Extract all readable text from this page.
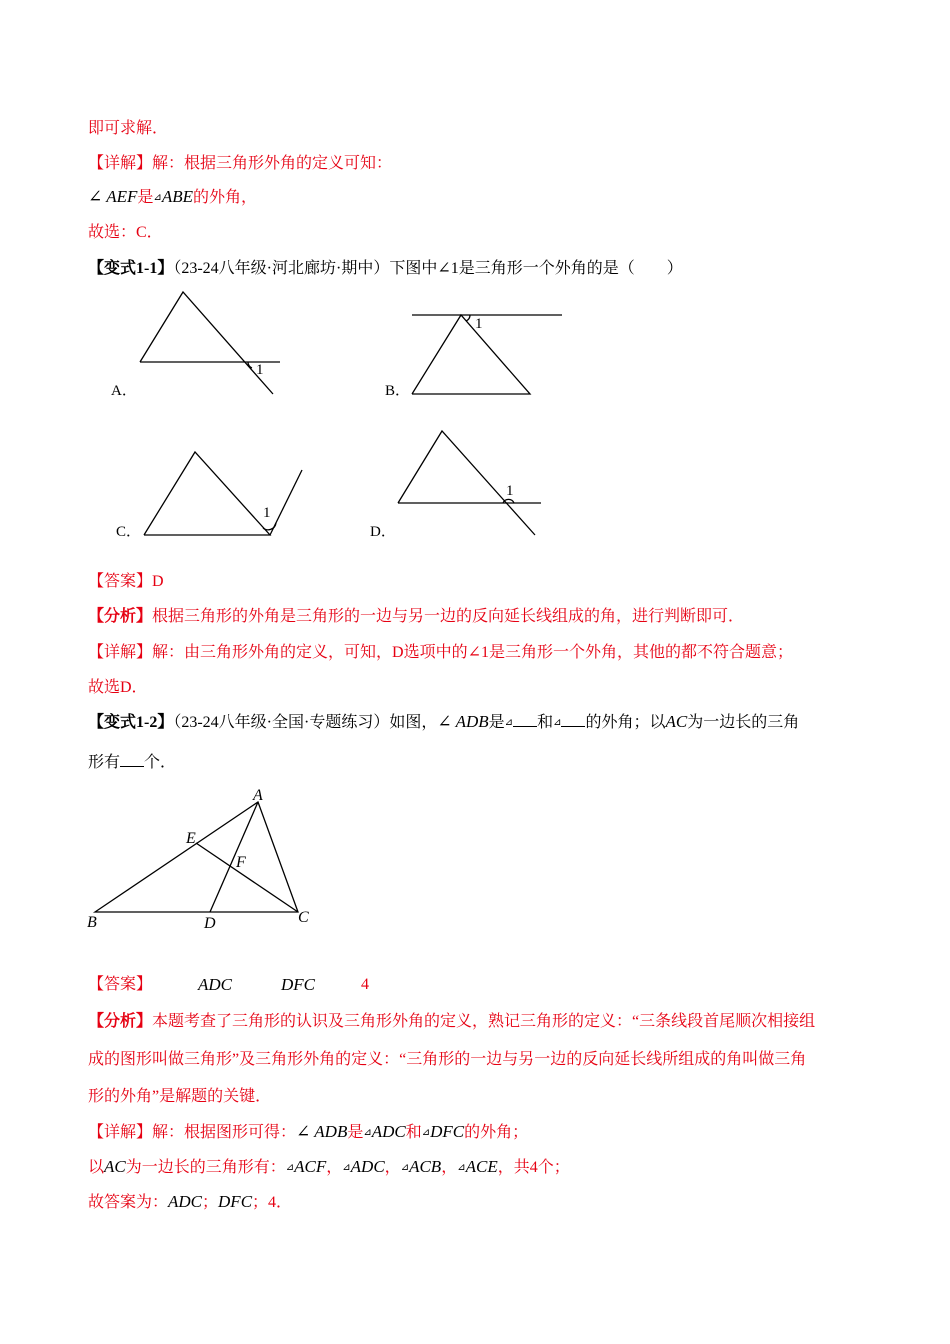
即可求解．
【详解】解：根据三角形外角的定义可知：
∠ AEF是⊿ABE的外角，
故选：C．
【变式1-1】（23-24八年级·河北廊坊·期中）下图中∠1是三角形一个外角的是（　　）
1
1
1
1
A．	B．
C．	D．
A
B	C
D
E
F
【答案】D
【分析】根据三角形的外角是三角形的一边与另一边的反向延长线组成的角，进行判断即可．
【详解】解：由三角形外角的定义，可知，D选项中的∠1是三角形一个外角，其他的都不符合题意；
故选D．
【变式1-2】（23-24八年级·全国·专题练习）如图，∠ ADB是⊿ 和⊿ 的外角；以AC为一边长的三角
形有 个．
【答案】	ADC	DFC	4
【分析】本题考查了三角形的认识及三角形外角的定义，熟记三角形的定义：“三条线段首尾顺次相接组
成的图形叫做三角形”及三角形外角的定义：“三角形的一边与另一边的反向延长线所组成的角叫做三角
形的外角”是解题的关键．
【详解】解：根据图形可得：∠ ADB是⊿ADC和⊿DFC的外角；
以AC为一边长的三角形有：⊿ACF，⊿ADC，⊿ACB，⊿ACE，共4个；
故答案为：ADC；DFC；4．
